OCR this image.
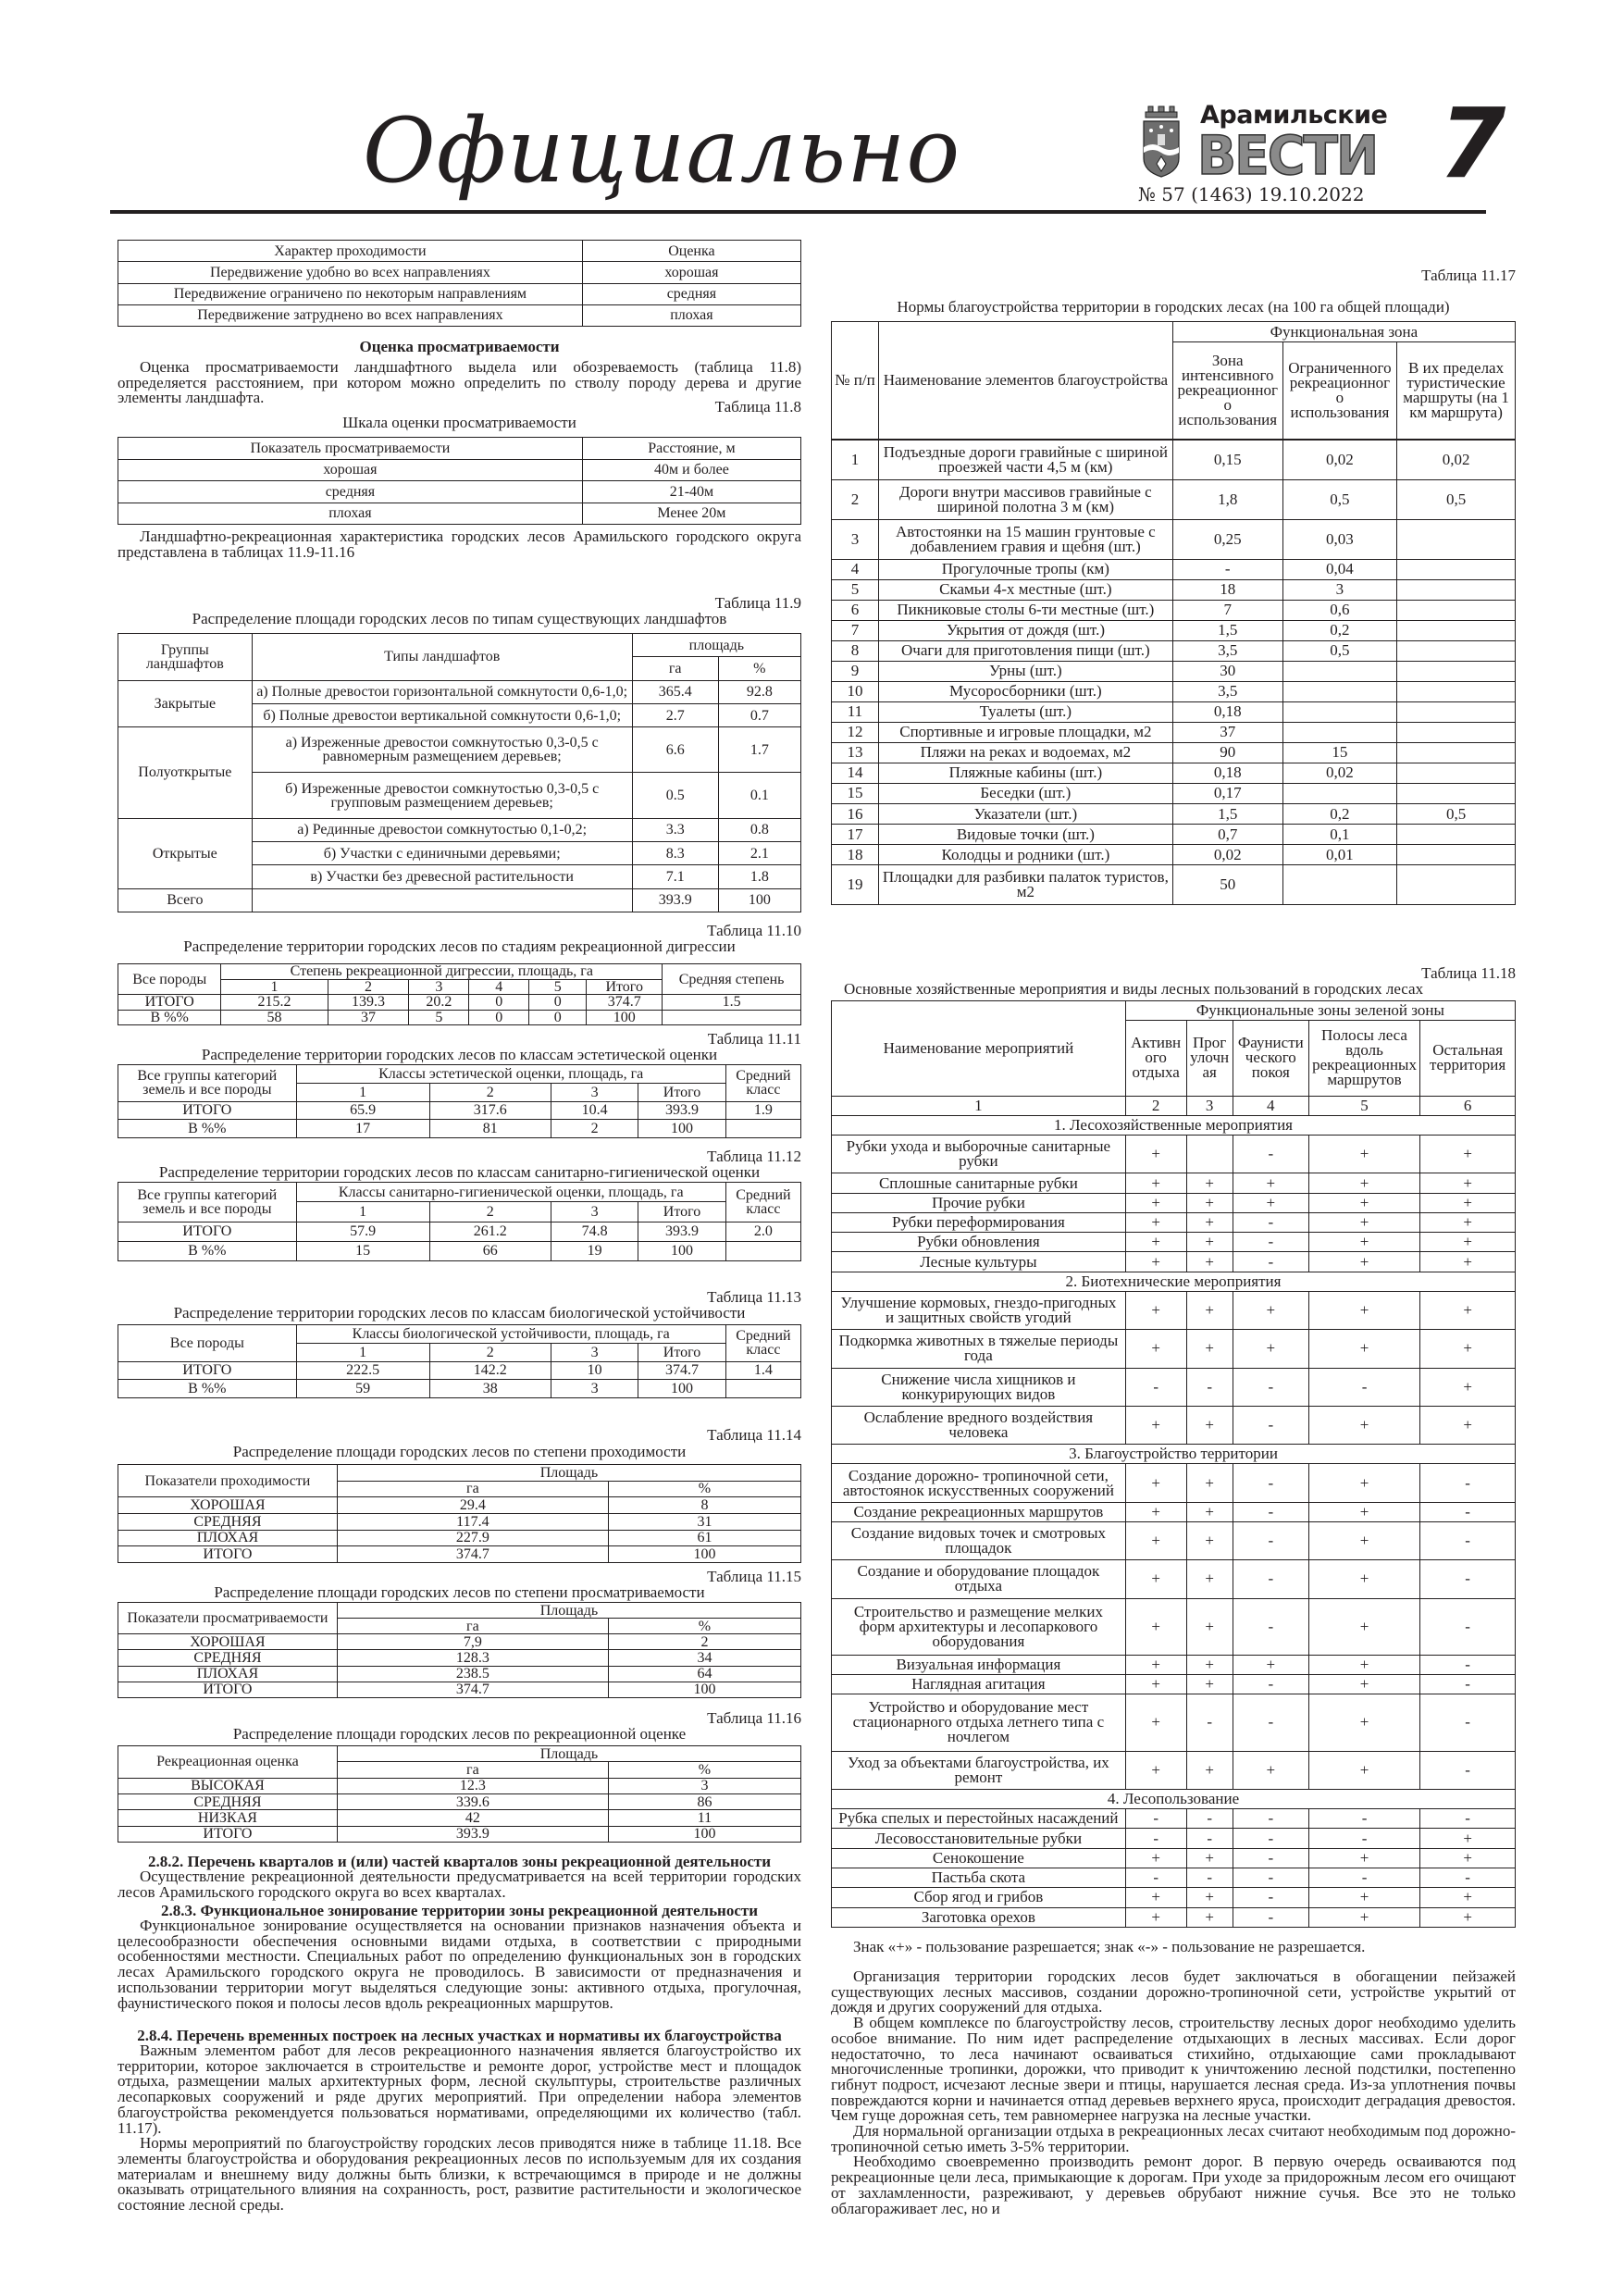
Официально	Арамильские
ВЕСТИ
№ 57 (1463) 19.10.2022 7
Характер проходимости	Оценка
Передвижение удобно во всех направлениях	хорошая
Передвижение ограничено по некоторым направлениям	средняя
Передвижение затруднено во всех направлениях	плохая
Таблица 11.8
Шкала оценки просматриваемости
Показатель просматриваемости	Расстояние, м
хорошая	40м и более
средняя	21-40м
плохая	Менее 20м
Таблица 11.9
Распределение площади городских лесов по типам существующих ландшафтов
Группы ландшафтов	Типы ландшафтов	площадь	
		га	%
Закрытые	а) Полные древостои горизонтальной сомкнутости 0,6-1,0;	365.4	92.8
	б) Полные древостои вертикальной сомкнутости 0,6-1,0;	2.7	0.7
Полуоткрытые	а) Изреженные древостои сомкнутостью 0,3-0,5 с равномерным размещением деревьев;	6.6	1.7
	б) Изреженные древостои сомкнутостью 0,3-0,5 с групповым размещением деревьев;	0.5	0.1
Открытые	а) Рединные древостои сомкнутостью 0,1-0,2;	3.3	0.8
	б) Участки с единичными деревьями;	8.3	2.1
	в) Участки без древесной растительности	7.1	1.8
Всего		393.9	100
Таблица 11.10
Распределение территории городских лесов по стадиям рекреационной дигрессии
Все породы	Степень рекреационной дигрессии, площадь, га						Средняя степень
	1	2	3	4	5	Итого	
ИТОГО	215.2	139.3	20.2	0	0	374.7	1.5
В %%	58	37	5	0	0	100	
Таблица 11.11
Распределение территории городских лесов по классам эстетической оценки
Все группы категорий земель и все породы	Классы эстетической оценки, площадь, га				Средний класс
	1	2	3	Итого	
ИТОГО	65.9	317.6	10.4	393.9	1.9
В %%	17	81	2	100	
Таблица 11.12
Распределение территории городских лесов по классам санитарно-гигиенической оценки
Все группы категорий земель и все породы	Классы санитарно-гигиенической оценки, площадь, га				Средний класс
	1	2	3	Итого	
ИТОГО	57.9	261.2	74.8	393.9	2.0
В %%	15	66	19	100	
Таблица 11.13
Распределение территории городских лесов по классам биологической устойчивости
Все породы	Классы биологической устойчивости, площадь, га				Средний класс
	1	2	3	Итого	
ИТОГО	222.5	142.2	10	374.7	1.4
В %%	59	38	3	100	
Таблица 11.14
Распределение площади городских лесов по степени проходимости
Показатели проходимости	Площадь	
	га	%
ХОРОШАЯ	29.4	8
СРЕДНЯЯ	117.4	31
ПЛОХАЯ	227.9	61
ИТОГО	374.7	100
Таблица 11.15
Распределение площади городских лесов по степени просматриваемости
Показатели просматриваемости	Площадь	
	га	%
ХОРОШАЯ	7,9	2
СРЕДНЯЯ	128.3	34
ПЛОХАЯ	238.5	64
ИТОГО	374.7	100
Таблица 11.16
Распределение площади городских лесов по рекреационной оценке
Рекреационная оценка	Площадь	
	га	%
ВЫСОКАЯ	12.3	3
СРЕДНЯЯ	339.6	86
НИЗКАЯ	42	11
ИТОГО	393.9	100
Таблица 11.17
Нормы благоустройства территории в городских лесах (на 100 га общей площади)
№ п/п	Наименование элементов благоустройства	Функциональная зона		
		Зона интенсивного рекреационного использования	Ограниченного рекреационного использования	В их пределах туристические маршруты (на 1 км маршрута)

1	Подъездные дороги гравийные с шириной проезжей части 4,5 м (км)	0,15	0,02	0,02
2	Дороги внутри массивов гравийные с шириной полотна 3 м (км)	1,8	0,5	0,5
3	Автостоянки на 15 машин грунтовые с добавлением гравия и щебня (шт.)	0,25	0,03	
4	Прогулочные тропы (км)	-	0,04	
5	Скамьи 4-х местные (шт.)	18	3	
6	Пикниковые столы 6-ти местные (шт.)	7	0,6	
7	Укрытия от дождя (шт.)	1,5	0,2	
8	Очаги для приготовления пищи (шт.)	3,5	0,5	
9	Урны (шт.)	30		
10	Мусоросборники (шт.)	3,5		
11	Туалеты (шт.)	0,18		
12	Спортивные и игровые площадки, м2	37		
13	Пляжи на реках и водоемах, м2	90	15	
14	Пляжные кабины (шт.)	0,18	0,02	
15	Беседки (шт.)	0,17		
16	Указатели (шт.)	1,5	0,2	0,5
17	Видовые точки (шт.)	0,7	0,1	
18	Колодцы и родники (шт.)	0,02	0,01	
19	Площадки для разбивки палаток туристов, м2	50		
Таблица 11.18
Основные хозяйственные мероприятия и виды лесных пользований в городских лесах
Наименование мероприятий	Функциональные зоны зеленой зоны				
	Активного отдыха	Прогулочная	Фаунистического покоя	Полосы леса вдоль рекреационных маршрутов	Остальная территория
1	2	3	4	5	6
1. Лесохозяйственные мероприятия					
Рубки ухода и выборочные санитарные рубки	+		-	+	+
Сплошные санитарные рубки	+	+	+	+	+
Прочие рубки	+	+	+	+	+
Рубки переформирования	+	+	-	+	+
Рубки обновления	+	+	-	+	+
Лесные культуры	+	+	-	+	+
2. Биотехнические мероприятия					
Улучшение кормовых, гнездо-пригодных и защитных свойств угодий	+	+	+	+	+
Подкормка животных в тяжелые периоды года	+	+	+	+	+
Снижение числа хищников и конкурирующих видов	-	-	-	-	+
Ослабление вредного воздействия человека	+	+	-	+	+
3. Благоустройство территории					
Создание дорожно- тропиночной сети, автостоянок искусственных сооружений	+	+	-	+	-
Создание рекреационных маршрутов	+	+	-	+	-
Создание видовых точек и смотровых площадок	+	+	-	+	-
Создание и оборудование площадок отдыха	+	+	-	+	-
Строительство и размещение мелких форм архитектуры и лесопаркового оборудования	+	+	-	+	-
Визуальная информация	+	+	+	+	-
Наглядная агитация	+	+	-	+	-
Устройство и оборудование мест стационарного отдыха летнего типа с ночлегом	+	-	-	+	-
Уход за объектами благоустройства, их ремонт	+	+	+	+	-
4. Лесопользование					
Рубка спелых и перестойных насаждений	-	-	-	-	-
Лесовосстановительные рубки	-	-	-	-	+
Сенокошение	+	+	-	+	+
Пастьба скота	-	-	-	-	-
Сбор ягод и грибов	+	+	-	+	+
Заготовка орехов	+	+	-	+	+
Оценка просматриваемости

Оценка просматриваемости ландшафтного выдела или обозреваемость (таблица 11.8) определяется расстоянием, при котором можно определить по стволу породу дерева и другие элементы ландшафта.

Ландшафтно-рекреационная характеристика городских лесов Арамильского городского округа представлена в таблицах 11.9-11.16

2.8.2. Перечень кварталов и (или) частей кварталов зоны рекреационной деятельности

Осуществление рекреационной деятельности предусматривается на всей территории городских лесов Арамильского городского округа во всех кварталах.

2.8.3. Функциональное зонирование территории зоны рекреационной деятельности

Функциональное зонирование осуществляется на основании признаков назначения объекта и целесообразности обеспечения основными видами отдыха, в соответствии с природными особенностями местности. Специальных работ по определению функциональных зон в городских лесах Арамильского городского округа не проводилось. В зависимости от предназначения и использовании территории могут выделяться следующие зоны: активного отдыха, прогулочная, фаунистического покоя и полосы лесов вдоль рекреационных маршрутов.

2.8.4. Перечень временных построек на лесных участках и нормативы их благоустройства

Важным элементом работ для лесов рекреационного назначения является благоустройство их территории, которое заключается в строительстве и ремонте дорог, устройстве мест и площадок отдыха, размещении малых архитектурных форм, лесной скульптуры, строительстве различных лесопарковых сооружений и ряде других мероприятий. При определении набора элементов благоустройства рекомендуется пользоваться нормативами, определяющими их количество (табл. 11.17).

Нормы мероприятий по благоустройству городских лесов приводятся ниже в таблице 11.18. Все элементы благоустройства и оборудования рекреационных лесов по используемым для их создания материалам и внешнему виду должны быть близки, к встречающимся в природе и не должны оказывать отрицательного влияния на сохранность, рост, развитие растительности и экологическое состояние лесной среды.

Знак «+» - пользование разрешается; знак «-» - пользование не разрешается.

Организация территории городских лесов будет заключаться в обогащении пейзажей существующих лесных массивов, создании дорожно-тропиночной сети, устройстве укрытий от дождя и других сооружений для отдыха.

В общем комплексе по благоустройству лесов, строительству лесных дорог необходимо уделить особое внимание. По ним идет распределение отдыхающих в лесных массивах. Если дорог недостаточно, то леса начинают осваиваться стихийно, отдыхающие сами прокладывают многочисленные тропинки, дорожки, что приводит к уничтожению лесной подстилки, постепенно гибнут подрост, исчезают лесные звери и птицы, нарушается лесная среда. Из-за уплотнения почвы повреждаются корни и начинается отпад деревьев верхнего яруса, происходит деградация древостоя. Чем гуще дорожная сеть, тем равномернее нагрузка на лесные участки.

Для нормальной организации отдыха в рекреационных лесах считают необходимым под дорожно-тропиночной сетью иметь 3-5% территории.

Необходимо своевременно производить ремонт дорог. В первую очередь осваиваются под рекреационные цели леса, примыкающие к дорогам. При уходе за придорожным лесом его очищают от захламленности, разреживают, у деревьев обрубают нижние сучья. Все это не только облагораживает лес, но и
